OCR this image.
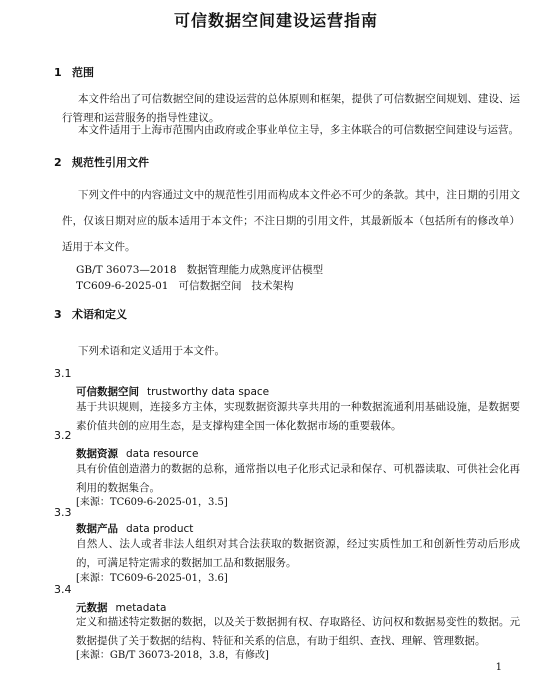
可信数据空间建设运营指南
1 范围
本文件给出了可信数据空间的建设运营的总体原则和框架，提供了可信数据空间规划、建设、运行管理和运营服务的指导性建议。
本文件适用于上海市范围内由政府或企事业单位主导，多主体联合的可信数据空间建设与运营。
2 规范性引用文件
下列文件中的内容通过文中的规范性引用而构成本文件必不可少的条款。其中，注日期的引用文件，仅该日期对应的版本适用于本文件；不注日期的引用文件，其最新版本（包括所有的修改单）适用于本文件。
GB/T 36073—2018   数据管理能力成熟度评估模型
TC609-6-2025-01   可信数据空间   技术架构
3 术语和定义
下列术语和定义适用于本文件。
3.1
可信数据空间 trustworthy data space
基于共识规则，连接多方主体，实现数据资源共享共用的一种数据流通利用基础设施，是数据要素价值共创的应用生态，是支撑构建全国一体化数据市场的重要载体。
3.2
数据资源 data resource
具有价值创造潜力的数据的总称，通常指以电子化形式记录和保存、可机器读取、可供社会化再利用的数据集合。
[来源：TC609-6-2025-01，3.5]
3.3
数据产品 data product
自然人、法人或者非法人组织对其合法获取的数据资源，经过实质性加工和创新性劳动后形成的，可满足特定需求的数据加工品和数据服务。
[来源：TC609-6-2025-01，3.6]
3.4
元数据 metadata
定义和描述特定数据的数据，以及关于数据拥有权、存取路径、访问权和数据易变性的数据。元数据提供了关于数据的结构、特征和关系的信息，有助于组织、查找、理解、管理数据。
[来源：GB/T 36073-2018，3.8，有修改]
1
